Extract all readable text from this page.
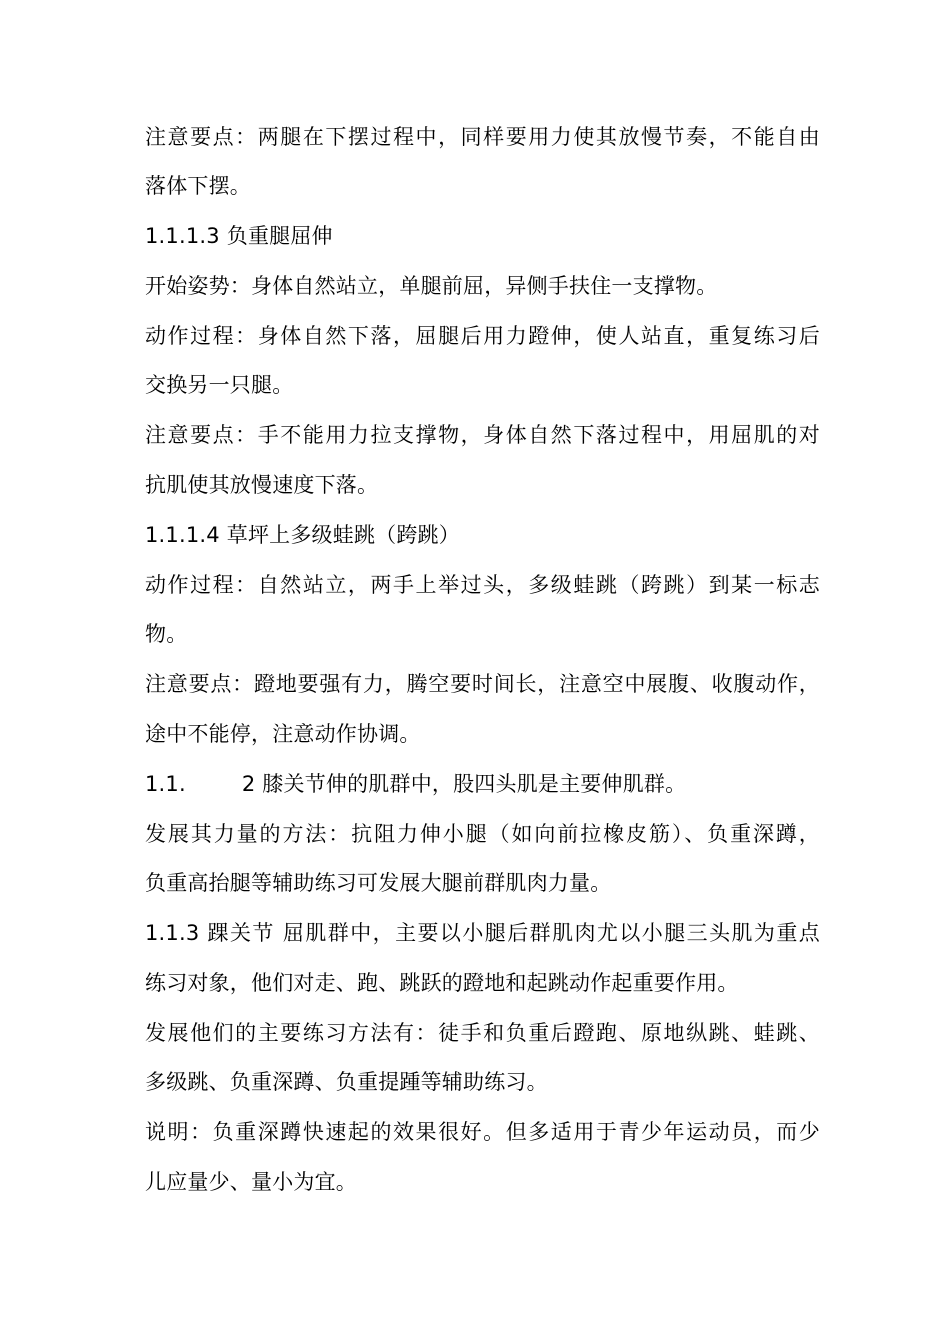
注意要点：两腿在下摆过程中，同样要用力使其放慢节奏，不能自由
落体下摆。
1.1.1.3 负重腿屈伸
开始姿势：身体自然站立，单腿前屈，异侧手扶住一支撑物。
动作过程：身体自然下落，屈腿后用力蹬伸，使人站直，重复练习后
交换另一只腿。
注意要点：手不能用力拉支撑物，身体自然下落过程中，用屈肌的对
抗肌使其放慢速度下落。
1.1.1.4 草坪上多级蛙跳（跨跳）
动作过程：自然站立，两手上举过头，多级蛙跳（跨跳）到某一标志
物。
注意要点：蹬地要强有力，腾空要时间长，注意空中展腹、收腹动作，
途中不能停，注意动作协调。
1.1.	2 膝关节伸的肌群中，股四头肌是主要伸肌群。
发展其力量的方法：抗阻力伸小腿（如向前拉橡皮筋）、负重深蹲，
负重高抬腿等辅助练习可发展大腿前群肌肉力量。
1.1.3 踝关节 屈肌群中，主要以小腿后群肌肉尤以小腿三头肌为重点
练习对象，他们对走、跑、跳跃的蹬地和起跳动作起重要作用。
发展他们的主要练习方法有：徒手和负重后蹬跑、原地纵跳、蛙跳、
多级跳、负重深蹲、负重提踵等辅助练习。
说明：负重深蹲快速起的效果很好。但多适用于青少年运动员，而少
儿应量少、量小为宜。
